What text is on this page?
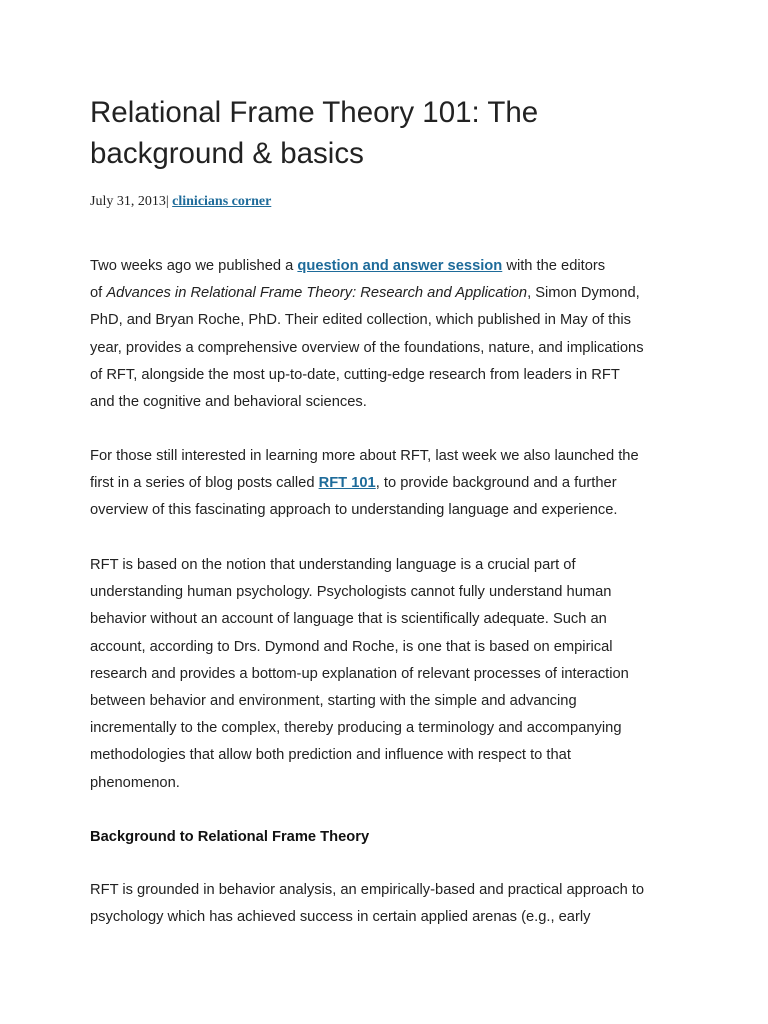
Relational Frame Theory 101: The
background & basics
July 31, 2013| clinicians corner

Two weeks ago we published a question and answer session with the editors
of Advances in Relational Frame Theory: Research and Application, Simon Dymond,
PhD, and Bryan Roche, PhD. Their edited collection, which published in May of this
year, provides a comprehensive overview of the foundations, nature, and implications
of RFT, alongside the most up-to-date, cutting-edge research from leaders in RFT
and the cognitive and behavioral sciences.

For those still interested in learning more about RFT, last week we also launched the
first in a series of blog posts called RFT 101, to provide background and a further
overview of this fascinating approach to understanding language and experience.

RFT is based on the notion that understanding language is a crucial part of
understanding human psychology. Psychologists cannot fully understand human
behavior without an account of language that is scientifically adequate. Such an
account, according to Drs. Dymond and Roche, is one that is based on empirical
research and provides a bottom-up explanation of relevant processes of interaction
between behavior and environment, starting with the simple and advancing
incrementally to the complex, thereby producing a terminology and accompanying
methodologies that allow both prediction and influence with respect to that
phenomenon.

Background to Relational Frame Theory

RFT is grounded in behavior analysis, an empirically-based and practical approach to
psychology which has achieved success in certain applied arenas (e.g., early
